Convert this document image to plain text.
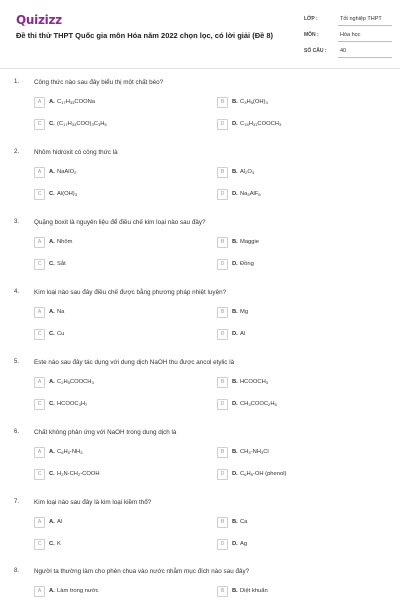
Quizizz
Đề thi thử THPT Quốc gia môn Hóa năm 2022 chọn lọc, có lời giải (Đề 8)
LỚP :	Tốt nghiệp THPT
MÔN :	Hóa học
SỐ CÂU : 40
1. Công thức nào sau đây biểu thị một chất béo?
A	A. $C_{17}H_{33}COONa$	B	B. $C_3H_5(OH)_3$
C	C. $(C_{17}H_{33}COO)_3C_3H_5$	D	D. $C_{15}H_{31}COOCH_3$
2. Nhôm hidroxit có công thức là
A	A. NaAlO$_2$	B	B. $Al_2O_3$
C	C. $Al(OH)_3$	D	D. $Na_3AlF_6$
3. Quặng boxit là nguyên liệu để điều chế kim loại nào sau đây?
A	A. Nhôm	B	B. Maggie
C	C. Sắt	D	D. Đồng
4. Kim loại nào sau đây điều chế được bằng phương pháp nhiệt luyện?
A	A. Na	B	B. Mg
C	C. Cu	D	D. Al
5. Este nào sau đây tác dụng với dung dịch NaOH thu được ancol etylic là
A	A. $C_2H_5COOCH_3$	B	B. $HCOOCH_3$
C	C. $HCOOC_3H_7$	D	D. $CH_3COOC_2H_5$
6. Chất không phản ứng với NaOH trong dung dịch là
A	A. $C_6H_5-NH_3$	B	B. $CH_3-NH_3Cl$
C	C. $H_2N-CH_2$-COOH	D	D. $C_6H_5-OH$ (phenol)
7. Kim loại nào sau đây là kim loại kiềm thổ?
A	A. Al	B	B. Ca
C	C. K	D	D. Ag
8. Người ta thường làm cho phèn chua vào nước nhằm mục đích nào sau đây?
A	A. Làm trong nước	B	B. Diệt khuẩn
